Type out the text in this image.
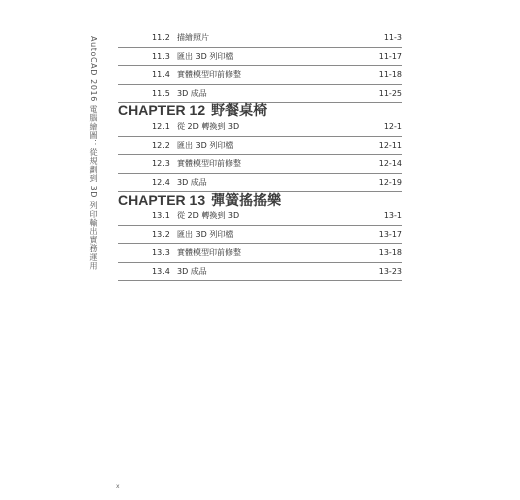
AutoCAD 2016 電腦繪圖：從規劃到 3D 列印輸出實務運用	11.2 描繪照片	11-3
11.3 匯出 3D 列印檔	11-17
11.4 實體模型印前修整	11-18
11.5 3D 成品	11-25
CHAPTER 12 野餐桌椅
12.1 從 2D 轉換到 3D	12-1
12.2 匯出 3D 列印檔	12-11
12.3 實體模型印前修整	12-14
12.4 3D 成品	12-19
CHAPTER 13 彈簧搖搖樂
13.1 從 2D 轉換到 3D	13-1
13.2 匯出 3D 列印檔	13-17
13.3 實體模型印前修整	13-18
13.4 3D 成品	13-23
x
